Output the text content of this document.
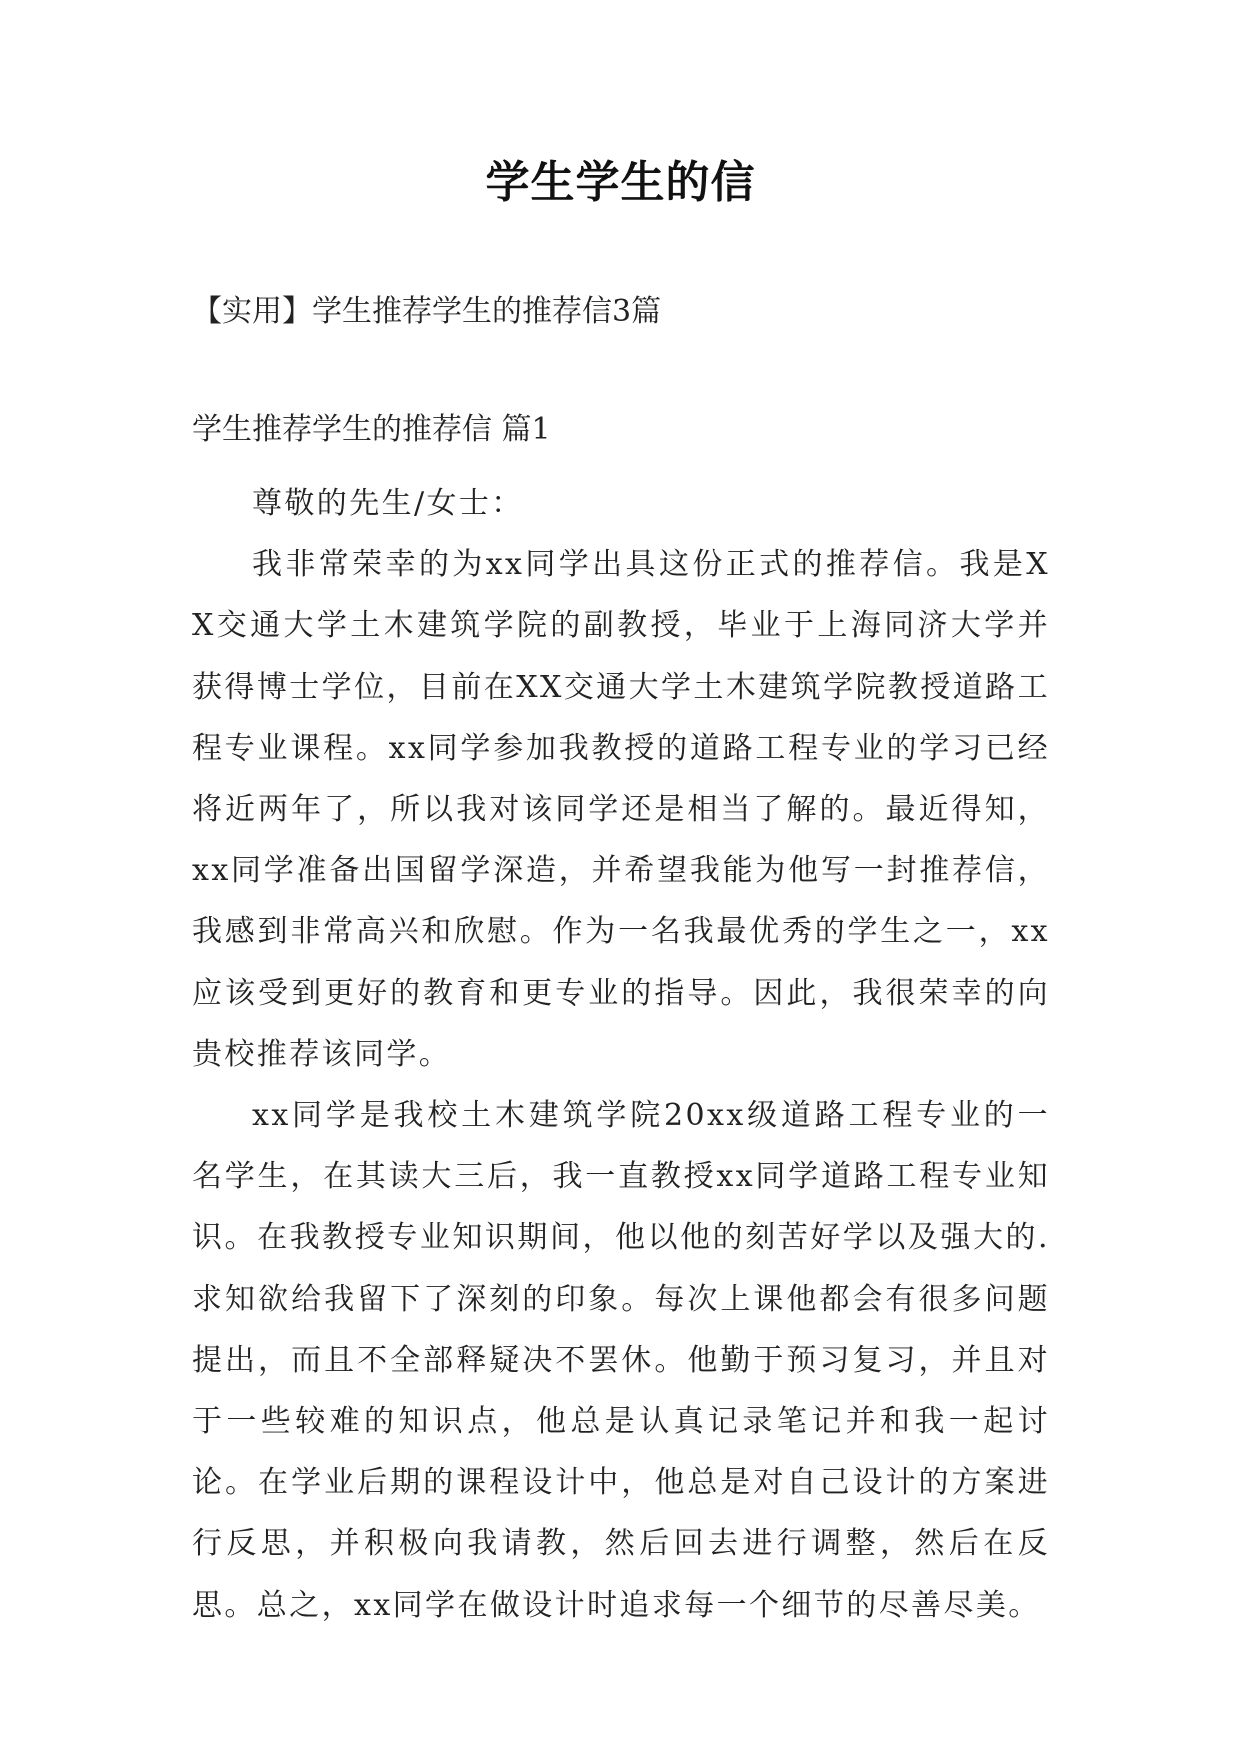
学生学生的信
【实用】学生推荐学生的推荐信3篇
学生推荐学生的推荐信 篇1

尊敬的先生/女士：

我非常荣幸的为xx同学出具这份正式的推荐信。我是XX交通大学土木建筑学院的副教授，毕业于上海同济大学并获得博士学位，目前在XX交通大学土木建筑学院教授道路工程专业课程。xx同学参加我教授的道路工程专业的学习已经将近两年了，所以我对该同学还是相当了解的。最近得知，xx同学准备出国留学深造，并希望我能为他写一封推荐信，我感到非常高兴和欣慰。作为一名我最优秀的学生之一，xx应该受到更好的教育和更专业的指导。因此，我很荣幸的向贵校推荐该同学。

xx同学是我校土木建筑学院20xx级道路工程专业的一名学生，在其读大三后，我一直教授xx同学道路工程专业知识。在我教授专业知识期间，他以他的刻苦好学以及强大的.求知欲给我留下了深刻的印象。每次上课他都会有很多问题提出，而且不全部释疑决不罢休。他勤于预习复习，并且对于一些较难的知识点，他总是认真记录笔记并和我一起讨论。在学业后期的课程设计中，他总是对自己设计的方案进行反思，并积极向我请教，然后回去进行调整，然后在反思。总之，xx同学在做设计时追求每一个细节的尽善尽美。
